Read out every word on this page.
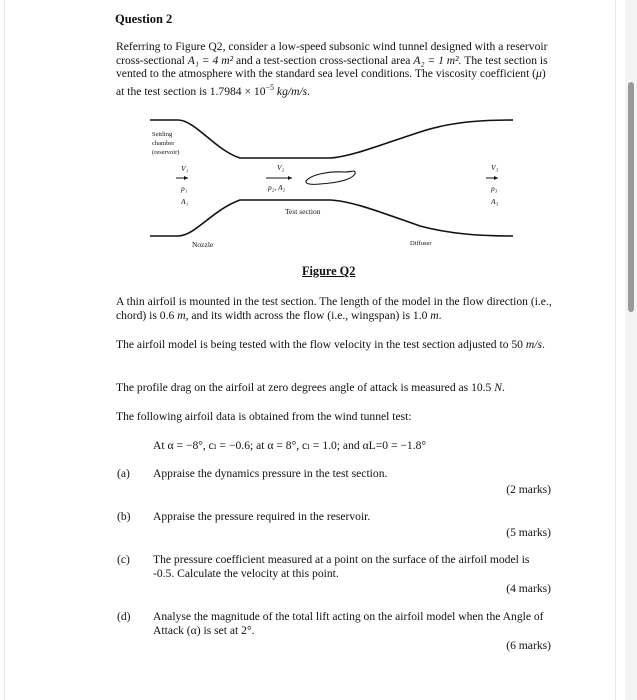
Question 2
Referring to Figure Q2, consider a low-speed subsonic wind tunnel designed with a reservoir cross-sectional A₁ = 4 m² and a test-section cross-sectional area A₂ = 1 m². The test section is vented to the atmosphere with the standard sea level conditions. The viscosity coefficient (μ) at the test section is $1.7984 \times 10^{-5}$ kg/m/s.
Settling
chamber
(reservoir)
V₁
p₁
A₁
V₂
p₂, A₂
Test section
V₃
p₃
A₃
Nozzle	Diffuser
Figure Q2
A thin airfoil is mounted in the test section. The length of the model in the flow direction (i.e., chord) is 0.6 m, and its width across the flow (i.e., wingspan) is 1.0 m.
The airfoil model is being tested with the flow velocity in the test section adjusted to 50 m/s.
The profile drag on the airfoil at zero degrees angle of attack is measured as 10.5 N.
The following airfoil data is obtained from the wind tunnel test:
At α = −8°, cₗ = −0.6; at α = 8°, cₗ = 1.0; and αL=0 = −1.8°
(a) Appraise the dynamics pressure in the test section.
(2 marks)
(b) Appraise the pressure required in the reservoir.
(5 marks)
(c) The pressure coefficient measured at a point on the surface of the airfoil model is -0.5. Calculate the velocity at this point.
(4 marks)
(d) Analyse the magnitude of the total lift acting on the airfoil model when the Angle of Attack (α) is set at 2°.
(6 marks)
